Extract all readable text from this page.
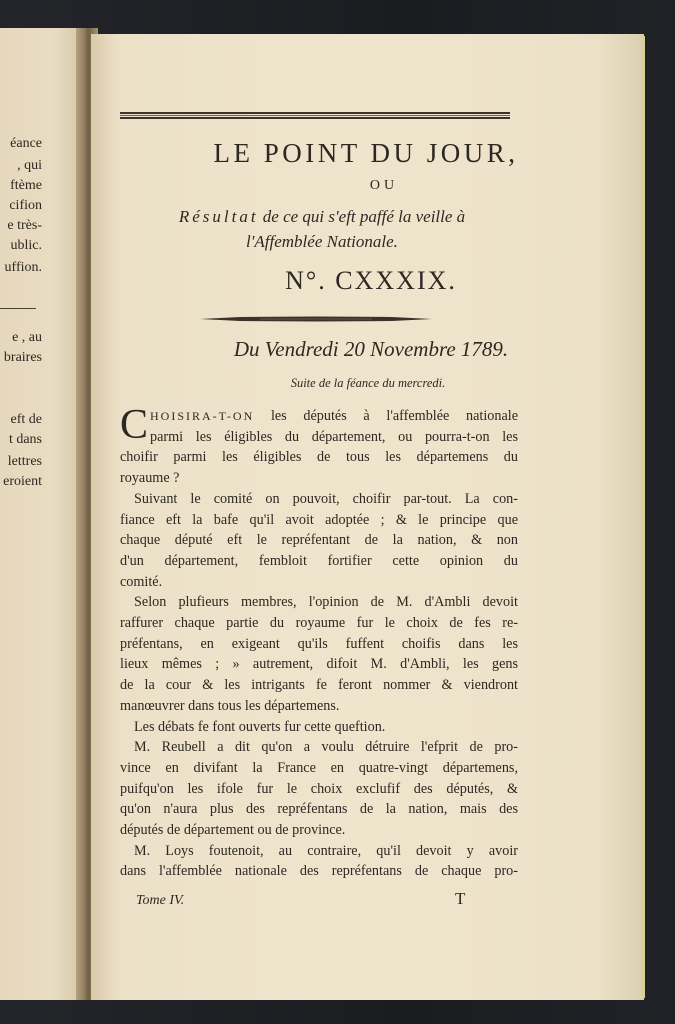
éance
, qui
ftème
cifion
e très-
ublic.
uffion.
e , au
braires
eft de
t dans
lettres
eroient
LE POINT DU JOUR,
OU
Résultat de ce qui s'eft paffé la veille à
l'Affemblée Nationale.
N°. CXXXIX.
Du Vendredi 20 Novembre 1789.
Suite de la féance du mercredi.

C HOISIRA-T-ON les députés à l'affemblée nationale
parmi les éligibles du département, ou pourra-t-on les
choifir parmi les éligibles de tous les départemens du
royaume ?

Suivant le comité on pouvoit, choifir par-tout. La con-
fiance eft la bafe qu'il avoit adoptée ; & le principe que
chaque député eft le repréfentant de la nation, & non
d'un département, fembloit fortifier cette opinion du
comité.

Selon plufieurs membres, l'opinion de M. d'Ambli devoit
raffurer chaque partie du royaume fur le choix de fes re-
préfentans, en exigeant qu'ils fuffent choifis dans les
lieux mêmes ; » autrement, difoit M. d'Ambli, les gens
de la cour & les intrigants fe feront nommer & viendront
manœuvrer dans tous les départemens.

Les débats fe font ouverts fur cette queftion.

M. Reubell a dit qu'on a voulu détruire l'efprit de pro-
vince en divifant la France en quatre-vingt départemens,
puifqu'on les ifole fur le choix exclufif des députés, &
qu'on n'aura plus des repréfentans de la nation, mais des
députés de département ou de province.

M. Loys foutenoit, au contraire, qu'il devoit y avoir
dans l'affemblée nationale des repréfentans de chaque pro-

Tome IV.	T
